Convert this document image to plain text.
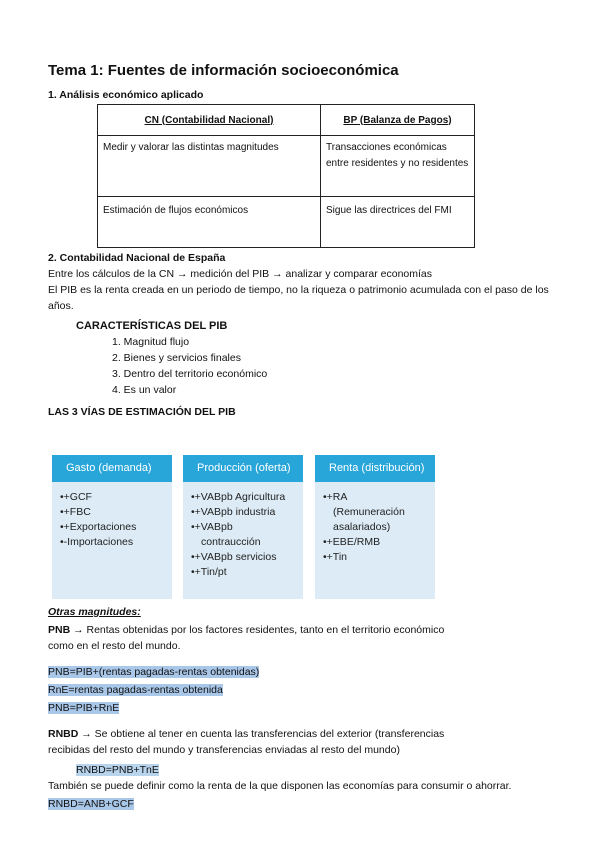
Tema 1: Fuentes de información socioeconómica
1. Análisis económico aplicado
CN (Contabilidad Nacional)	BP (Balanza de Pagos)
Medir y valorar las distintas magnitudes	Transacciones económicas entre residentes y no residentes
Estimación de flujos económicos	Sigue las directrices del FMI
2. Contabilidad Nacional de España
Entre los cálculos de la CN → medición del PIB → analizar y comparar economías
El PIB es la renta creada en un periodo de tiempo, no la riqueza o patrimonio acumulada con el paso de los años.
CARACTERÍSTICAS DEL PIB
1. Magnitud flujo
2. Bienes y servicios finales
3. Dentro del territorio económico
4. Es un valor
LAS 3 VÍAS DE ESTIMACIÓN DEL PIB
Gasto (demanda)
•+GCF
•+FBC
•+Exportaciones
•-Importaciones
Producción (oferta)
•+VABpb Agricultura
•+VABpb industria
•+VABpb
contraucción
•+VABpb servicios
•+Tin/pt
Renta (distribución)
•+RA
(Remuneración
asalariados)
•+EBE/RMB
•+Tin
Otras magnitudes:
PNB → Rentas obtenidas por los factores residentes, tanto en el territorio económico
como en el resto del mundo.
PNB=PIB+(rentas pagadas-rentas obtenidas)
RnE=rentas pagadas-rentas obtenida
PNB=PIB+RnE
RNBD → Se obtiene al tener en cuenta las transferencias del exterior (transferencias
recibidas del resto del mundo y transferencias enviadas al resto del mundo)
RNBD=PNB+TnE
También se puede definir como la renta de la que disponen las economías para consumir o ahorrar.
RNBD=ANB+GCF
